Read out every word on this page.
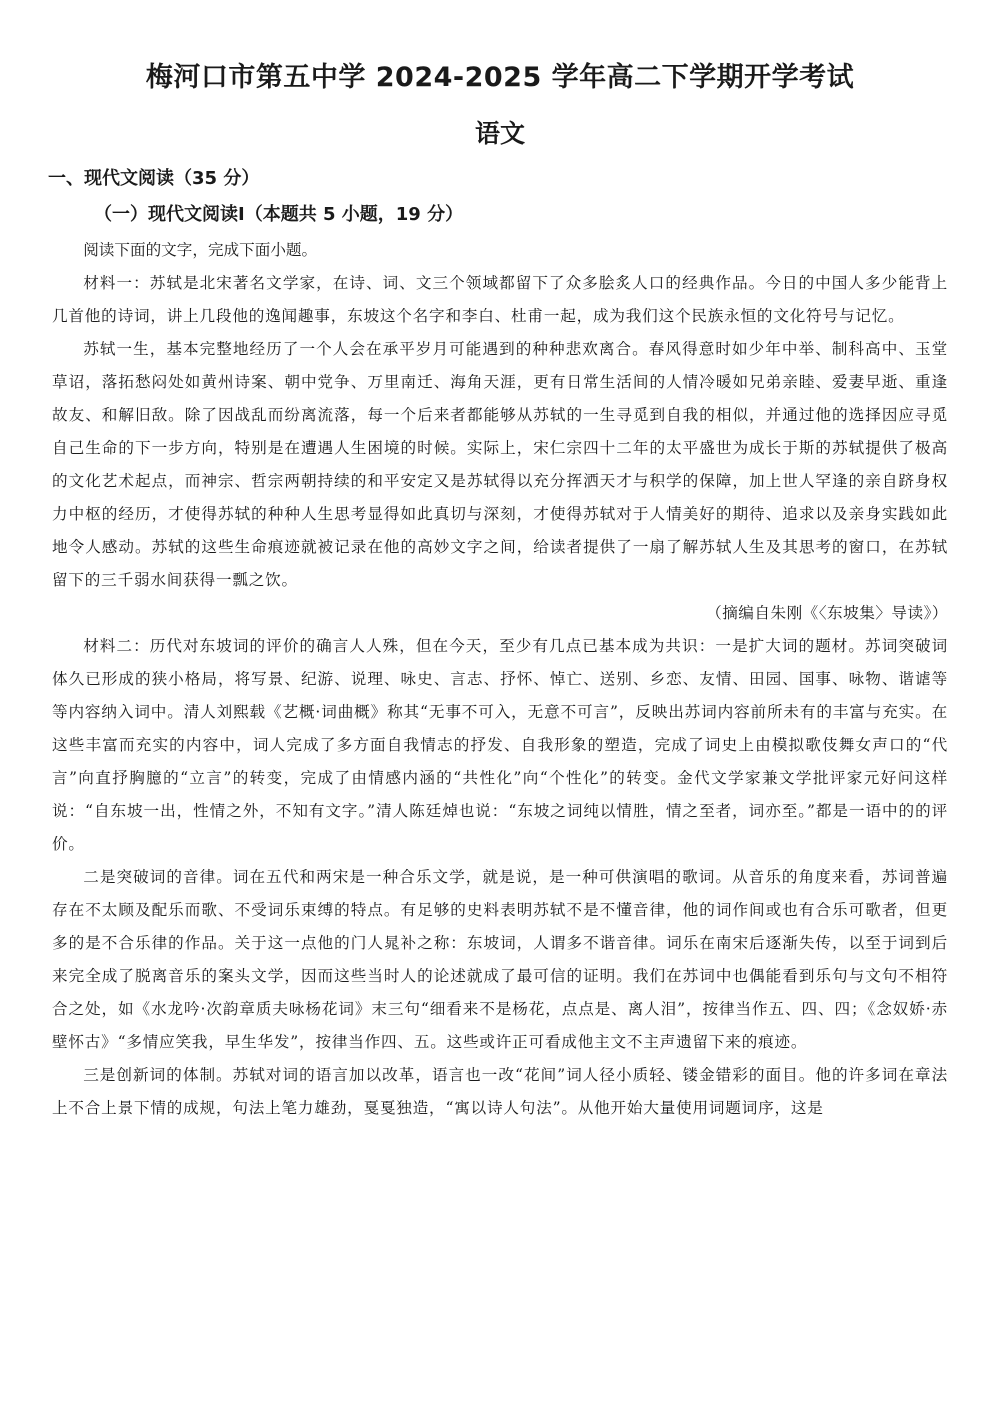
梅河口市第五中学 2024-2025 学年高二下学期开学考试
语文
一、现代文阅读（35 分）
（一）现代文阅读Ⅰ（本题共 5 小题，19 分）

阅读下面的文字，完成下面小题。

材料一：苏轼是北宋著名文学家，在诗、词、文三个领域都留下了众多脍炙人口的经典作品。今日的中国人多少能背上几首他的诗词，讲上几段他的逸闻趣事，东坡这个名字和李白、杜甫一起，成为我们这个民族永恒的文化符号与记忆。

苏轼一生，基本完整地经历了一个人会在承平岁月可能遇到的种种悲欢离合。春风得意时如少年中举、制科高中、玉堂草诏，落拓愁闷处如黄州诗案、朝中党争、万里南迁、海角天涯，更有日常生活间的人情冷暖如兄弟亲睦、爱妻早逝、重逢故友、和解旧敌。除了因战乱而纷离流落，每一个后来者都能够从苏轼的一生寻觅到自我的相似，并通过他的选择因应寻觅自己生命的下一步方向，特别是在遭遇人生困境的时候。实际上，宋仁宗四十二年的太平盛世为成长于斯的苏轼提供了极高的文化艺术起点，而神宗、哲宗两朝持续的和平安定又是苏轼得以充分挥洒天才与积学的保障，加上世人罕逢的亲自跻身权力中枢的经历，才使得苏轼的种种人生思考显得如此真切与深刻，才使得苏轼对于人情美好的期待、追求以及亲身实践如此地令人感动。苏轼的这些生命痕迹就被记录在他的高妙文字之间，给读者提供了一扇了解苏轼人生及其思考的窗口，在苏轼留下的三千弱水间获得一瓢之饮。

（摘编自朱刚《〈东坡集〉导读》）

材料二：历代对东坡词的评价的确言人人殊，但在今天，至少有几点已基本成为共识：一是扩大词的题材。苏词突破词体久已形成的狭小格局，将写景、纪游、说理、咏史、言志、抒怀、悼亡、送别、乡恋、友情、田园、国事、咏物、谐谑等等内容纳入词中。清人刘熙载《艺概·词曲概》称其“无事不可入，无意不可言”，反映出苏词内容前所未有的丰富与充实。在这些丰富而充实的内容中，词人完成了多方面自我情志的抒发、自我形象的塑造，完成了词史上由模拟歌伎舞女声口的“代言”向直抒胸臆的“立言”的转变，完成了由情感内涵的“共性化”向“个性化”的转变。金代文学家兼文学批评家元好问这样说：“自东坡一出，性情之外，不知有文字。”清人陈廷焯也说：“东坡之词纯以情胜，情之至者，词亦至。”都是一语中的的评价。

二是突破词的音律。词在五代和两宋是一种合乐文学，就是说，是一种可供演唱的歌词。从音乐的角度来看，苏词普遍存在不太顾及配乐而歌、不受词乐束缚的特点。有足够的史料表明苏轼不是不懂音律，他的词作间或也有合乐可歌者，但更多的是不合乐律的作品。关于这一点他的门人晁补之称：东坡词，人谓多不谐音律。词乐在南宋后逐渐失传，以至于词到后来完全成了脱离音乐的案头文学，因而这些当时人的论述就成了最可信的证明。我们在苏词中也偶能看到乐句与文句不相符合之处，如《水龙吟·次韵章质夫咏杨花词》末三句“细看来不是杨花，点点是、离人泪”，按律当作五、四、四；《念奴娇·赤壁怀古》“多情应笑我，早生华发”，按律当作四、五。这些或许正可看成他主文不主声遗留下来的痕迹。

三是创新词的体制。苏轼对词的语言加以改革，语言也一改“花间”词人径小质轻、镂金错彩的面目。他的许多词在章法上不合上景下情的成规，句法上笔力雄劲，戛戛独造，“寓以诗人句法”。从他开始大量使用词题词序，这是
